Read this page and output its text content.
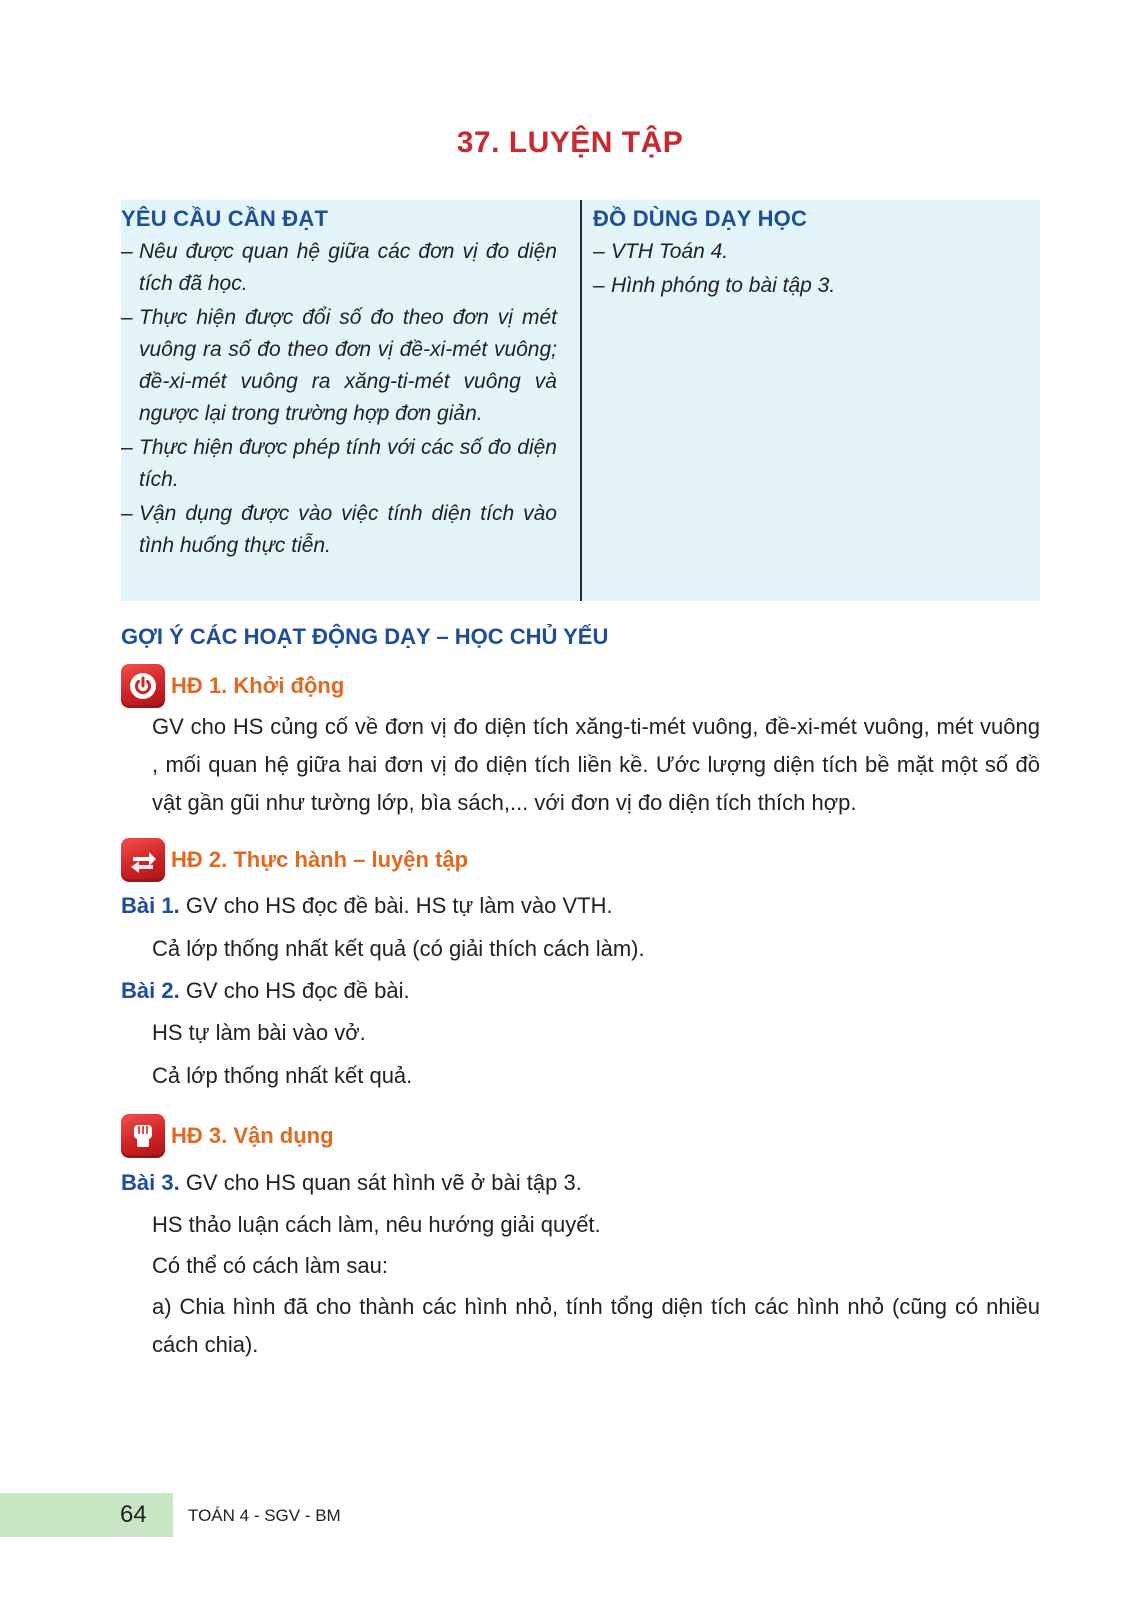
37. LUYỆN TẬP
YÊU CẦU CẦN ĐẠT
– Nêu được quan hệ giữa các đơn vị đo diện tích đã học.
– Thực hiện được đổi số đo theo đơn vị mét vuông ra số đo theo đơn vị đề-xi-mét vuông; đề-xi-mét vuông ra xăng-ti-mét vuông và ngược lại trong trường hợp đơn giản.
– Thực hiện được phép tính với các số đo diện tích.
– Vận dụng được vào việc tính diện tích vào tình huống thực tiễn.
ĐỒ DÙNG DẠY HỌC
– VTH Toán 4.
– Hình phóng to bài tập 3.
GỢI Ý CÁC HOẠT ĐỘNG DẠY – HỌC CHỦ YẾU
HĐ 1. Khởi động

GV cho HS củng cố về đơn vị đo diện tích xăng-ti-mét vuông, đề-xi-mét vuông, mét vuông , mối quan hệ giữa hai đơn vị đo diện tích liền kề. Ước lượng diện tích bề mặt một số đồ vật gần gũi như tường lớp, bìa sách,... với đơn vị đo diện tích thích hợp.

HĐ 2. Thực hành – luyện tập

Bài 1. GV cho HS đọc đề bài. HS tự làm vào VTH.

Cả lớp thống nhất kết quả (có giải thích cách làm).

Bài 2. GV cho HS đọc đề bài.

HS tự làm bài vào vở.

Cả lớp thống nhất kết quả.

HĐ 3. Vận dụng

Bài 3. GV cho HS quan sát hình vẽ ở bài tập 3.

HS thảo luận cách làm, nêu hướng giải quyết.

Có thể có cách làm sau:

a) Chia hình đã cho thành các hình nhỏ, tính tổng diện tích các hình nhỏ (cũng có nhiều cách chia).

64 TOÁN 4 - SGV - BM
